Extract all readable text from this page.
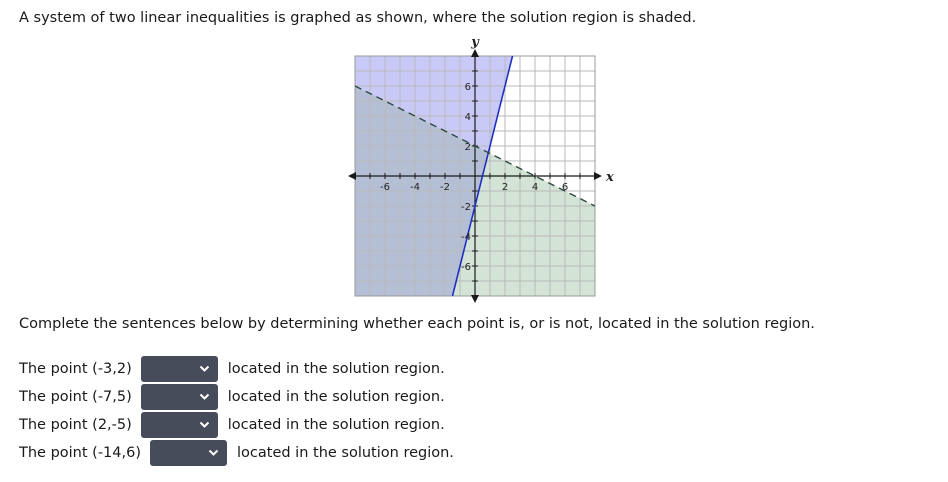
A system of two linear inequalities is graphed as shown, where the solution region is shaded.
-6 -4 -2	2 4 6
6
4
2
-2
-4
-6
x
y
Complete the sentences below by determining whether each point is, or is not, located in the solution region.
The point (-3,2)	located in the solution region.
The point (-7,5)	located in the solution region.
The point (2,-5)	located in the solution region.
The point (-14,6)	located in the solution region.
